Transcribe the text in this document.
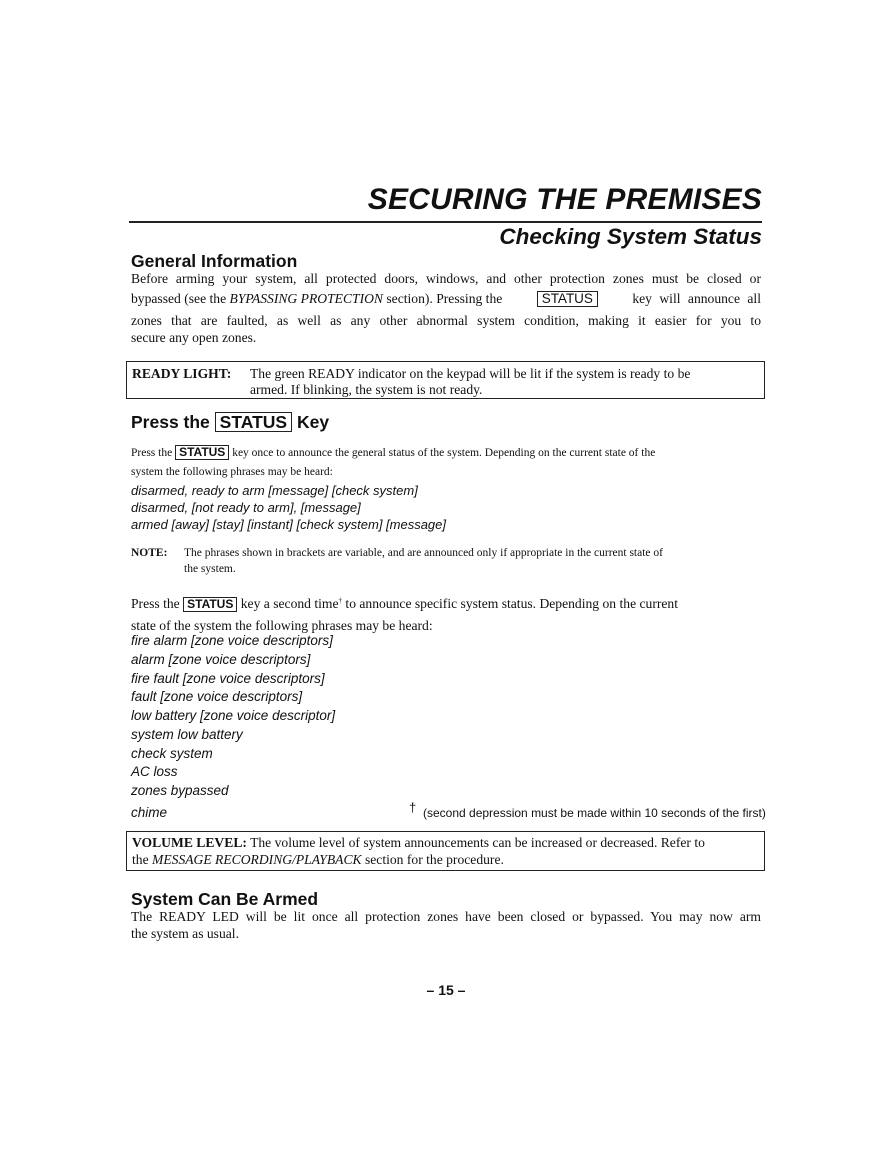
SECURING THE PREMISES
Checking System Status
General Information
Before arming your system, all protected doors, windows, and other protection zones must be closed or
bypassed (see the BYPASSING PROTECTION section). Pressing the	STATUS	key will announce all
zones that are faulted, as well as any other abnormal system condition, making it easier for you to
secure any open zones.
READY LIGHT: The green READY indicator on the keypad will be lit if the system is ready to be
armed. If blinking, the system is not ready.
Press the STATUS Key
Press the STATUS key once to announce the general status of the system. Depending on the current state of the
system the following phrases may be heard:
disarmed, ready to arm [message] [check system]
disarmed, [not ready to arm], [message]
armed [away] [stay] [instant] [check system] [message]
NOTE: The phrases shown in brackets are variable, and are announced only if appropriate in the current state of
the system.
Press the STATUS key a second time† to announce specific system status. Depending on the current
state of the system the following phrases may be heard:
fire alarm [zone voice descriptors]
alarm [zone voice descriptors]
fire fault [zone voice descriptors]
fault [zone voice descriptors]
low battery [zone voice descriptor]
system low battery
check system
AC loss
zones bypassed
chime	† (second depression must be made within 10 seconds of the first)
VOLUME LEVEL: The volume level of system announcements can be increased or decreased. Refer to
the MESSAGE RECORDING/PLAYBACK section for the procedure.
System Can Be Armed
The READY LED will be lit once all protection zones have been closed or bypassed. You may now arm
the system as usual.
– 15 –
